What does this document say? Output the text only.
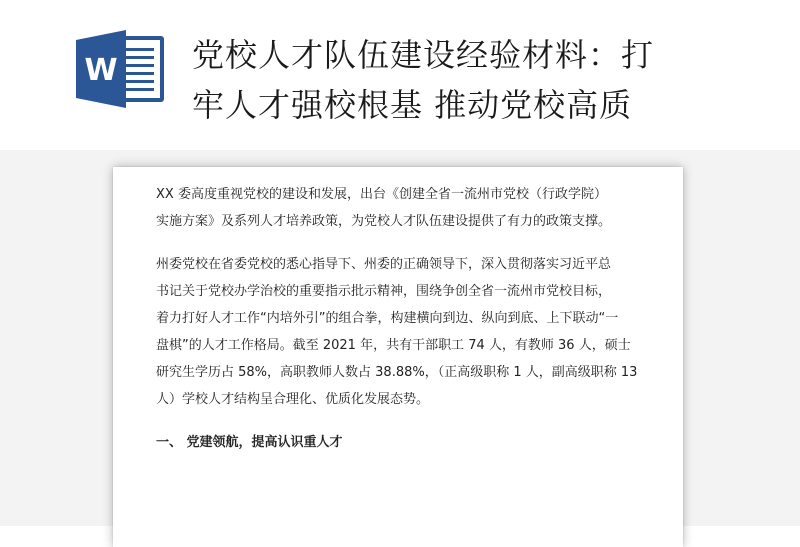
W 党校人才队伍建设经验材料：打
牢人才强校根基 推动党校高质

XX 委高度重视党校的建设和发展，出台《创建全省一流州市党校（行政学院）
实施方案》及系列人才培养政策，为党校人才队伍建设提供了有力的政策支撑。

州委党校在省委党校的悉心指导下、州委的正确领导下，深入贯彻落实习近平总
书记关于党校办学治校的重要指示批示精神，围绕争创全省一流州市党校目标，
着力打好人才工作“内培外引”的组合拳，构建横向到边、纵向到底、上下联动“一
盘棋”的人才工作格局。截至 2021 年，共有干部职工 74 人，有教师 36 人，硕士
研究生学历占 58%，高职教师人数占 38.88%，（正高级职称 1 人，副高级职称 13
人）学校人才结构呈合理化、优质化发展态势。

一、 党建领航，提高认识重人才
